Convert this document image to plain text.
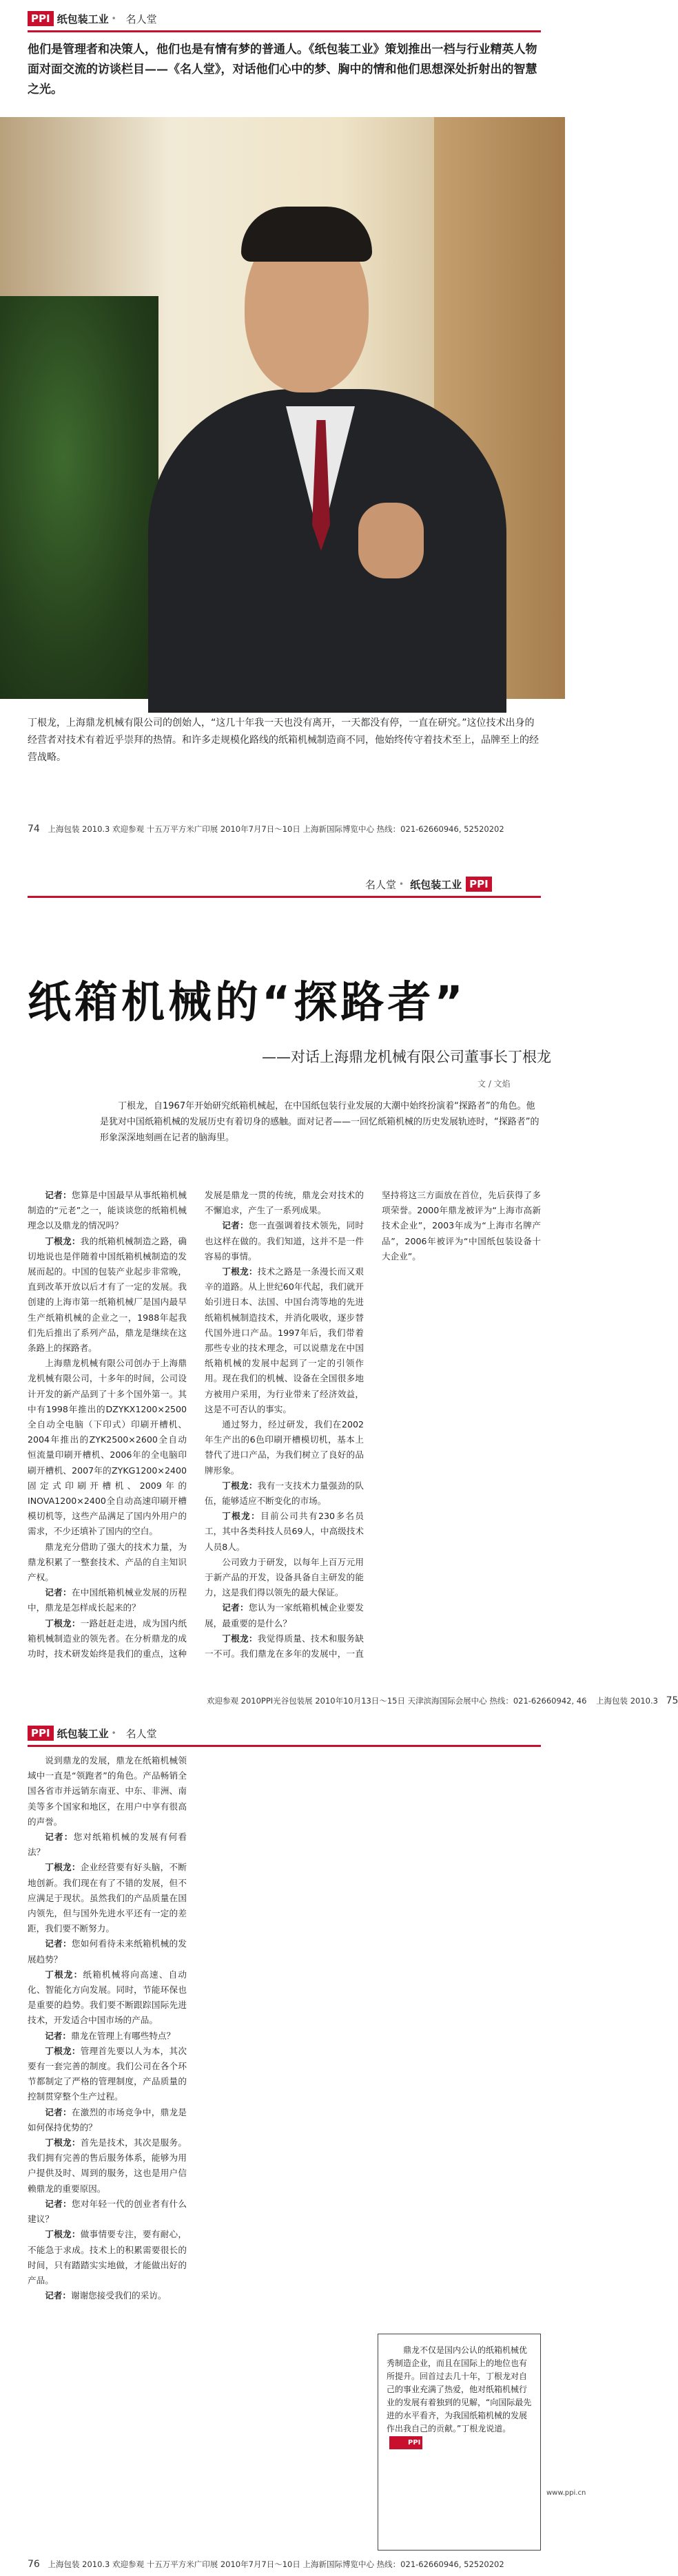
PPI 纸包装工业 • 名人堂
他们是管理者和决策人，他们也是有情有梦的普通人。《纸包装工业》策划推出一档与行业精英人物面对面交流的访谈栏目——《名人堂》，对话他们心中的梦、胸中的情和他们思想深处折射出的智慧之光。

丁根龙，上海鼎龙机械有限公司的创始人，“这几十年我一天也没有离开，一天都没有停，一直在研究。”这位技术出身的经营者对技术有着近乎崇拜的热情。和许多走规模化路线的纸箱机械制造商不同，他始终传守着技术至上，品牌至上的经营战略。

74 上海包装 2010.3 欢迎参观 十五万平方米广印展 2010年7月7日～10日 上海新国际博览中心 热线：021-62660946, 52520202
名人堂 • 纸包装工业 PPI
纸箱机械的“探路者”
——对话上海鼎龙机械有限公司董事长丁根龙
文 / 文焰
丁根龙，自1967年开始研究纸箱机械起，在中国纸包装行业发展的大潮中始终扮演着“探路者”的角色。他是犹对中国纸箱机械的发展历史有着切身的感触。面对记者——一回忆纸箱机械的历史发展轨迹时，“探路者”的形象深深地刻画在记者的脑海里。

记者：您算是中国最早从事纸箱机械制造的“元老”之一，能谈谈您的纸箱机械理念以及鼎龙的情况吗？

丁根龙：我的纸箱机械制造之路，确切地说也是伴随着中国纸箱机械制造的发展而起的。中国的包装产业起步非常晚，直到改革开放以后才有了一定的发展。我创建的上海市第一纸箱机械厂是国内最早生产纸箱机械的企业之一，1988年起我们先后推出了系列产品，鼎龙是继续在这条路上的探路者。

上海鼎龙机械有限公司创办于上海鼎龙机械有限公司，十多年的时间，公司设计开发的新产品到了十多个国外第一。其中有1998年推出的DZYKX1200×2500全自动全电脑（下印式）印刷开槽机、2004年推出的ZYK2500×2600全自动恒流量印刷开槽机、2006年的全电脑印刷开槽机、2007年的ZYKG1200×2400固定式印刷开槽机、2009年的INOVA1200×2400全自动高速印刷开槽模切机等，这些产品满足了国内外用户的需求，不少还填补了国内的空白。

鼎龙充分借助了强大的技术力量，为鼎龙积累了一整套技术、产品的自主知识产权。

记者：在中国纸箱机械业发展的历程中，鼎龙是怎样成长起来的？

丁根龙：一路赶赶走进，成为国内纸箱机械制造业的领先者。在分析鼎龙的成功时，技术研发始终是我们的重点，这种发展是鼎龙一贯的传统，鼎龙会对技术的不懈追求，产生了一系列成果。

记者：您一直强调着技术领先，同时也这样在做的。我们知道，这并不是一件容易的事情。

丁根龙：技术之路是一条漫长而又艰辛的道路。从上世纪60年代起，我们就开始引进日本、法国、中国台湾等地的先进纸箱机械制造技术，并消化吸收，逐步替代国外进口产品。1997年后，我们带着那些专业的技术理念，可以说鼎龙在中国纸箱机械的发展中起到了一定的引领作用。现在我们的机械、设备在全国很多地方被用户采用，为行业带来了经济效益，这是不可否认的事实。

通过努力，经过研发，我们在2002年生产出的6色印刷开槽模切机，基本上替代了进口产品，为我们树立了良好的品牌形象。

丁根龙：我有一支技术力量强劲的队伍，能够适应不断变化的市场。

丁根龙：目前公司共有230多名员工，其中各类科技人员69人，中高级技术人员8人。

公司致力于研发，以每年上百万元用于新产品的开发，设备具备自主研发的能力，这是我们得以领先的最大保证。

记者：您认为一家纸箱机械企业要发展，最重要的是什么？

丁根龙：我觉得质量、技术和服务缺一不可。我们鼎龙在多年的发展中，一直坚持将这三方面放在首位，先后获得了多项荣誉。2000年鼎龙被评为“上海市高新技术企业”，2003年成为“上海市名牌产品”，2006年被评为“中国纸包装设备十大企业”。

欢迎参观 2010PPI光谷包装展 2010年10月13日～15日 天津滨海国际会展中心 热线：021-62660942, 46 上海包装 2010.3 75
PPI 纸包装工业 • 名人堂

说到鼎龙的发展，鼎龙在纸箱机械领域中一直是“领跑者”的角色。产品畅销全国各省市并远销东南亚、中东、非洲、南美等多个国家和地区，在用户中享有很高的声誉。

记者：您对纸箱机械的发展有何看法？

丁根龙：企业经营要有好头脑，不断地创新。我们现在有了不错的发展，但不应满足于现状。虽然我们的产品质量在国内领先，但与国外先进水平还有一定的差距，我们要不断努力。

记者：您如何看待未来纸箱机械的发展趋势？

丁根龙：纸箱机械将向高速、自动化、智能化方向发展。同时，节能环保也是重要的趋势。我们要不断跟踪国际先进技术，开发适合中国市场的产品。

记者：鼎龙在管理上有哪些特点？

丁根龙：管理首先要以人为本，其次要有一套完善的制度。我们公司在各个环节都制定了严格的管理制度，产品质量的控制贯穿整个生产过程。

记者：在激烈的市场竞争中，鼎龙是如何保持优势的？

丁根龙：首先是技术，其次是服务。我们拥有完善的售后服务体系，能够为用户提供及时、周到的服务，这也是用户信赖鼎龙的重要原因。

记者：您对年轻一代的创业者有什么建议？

丁根龙：做事情要专注，要有耐心，不能急于求成。技术上的积累需要很长的时间，只有踏踏实实地做，才能做出好的产品。

记者：谢谢您接受我们的采访。

鼎龙不仅是国内公认的纸箱机械优秀制造企业，而且在国际上的地位也有所提升。回首过去几十年，丁根龙对自己的事业充满了热爱，他对纸箱机械行业的发展有着独到的见解，“向国际最先进的水平看齐，为我国纸箱机械的发展作出我自己的贡献。”丁根龙说道。PPI
www.ppi.cn
76 上海包装 2010.3 欢迎参观 十五万平方米广印展 2010年7月7日～10日 上海新国际博览中心 热线：021-62660946, 52520202
